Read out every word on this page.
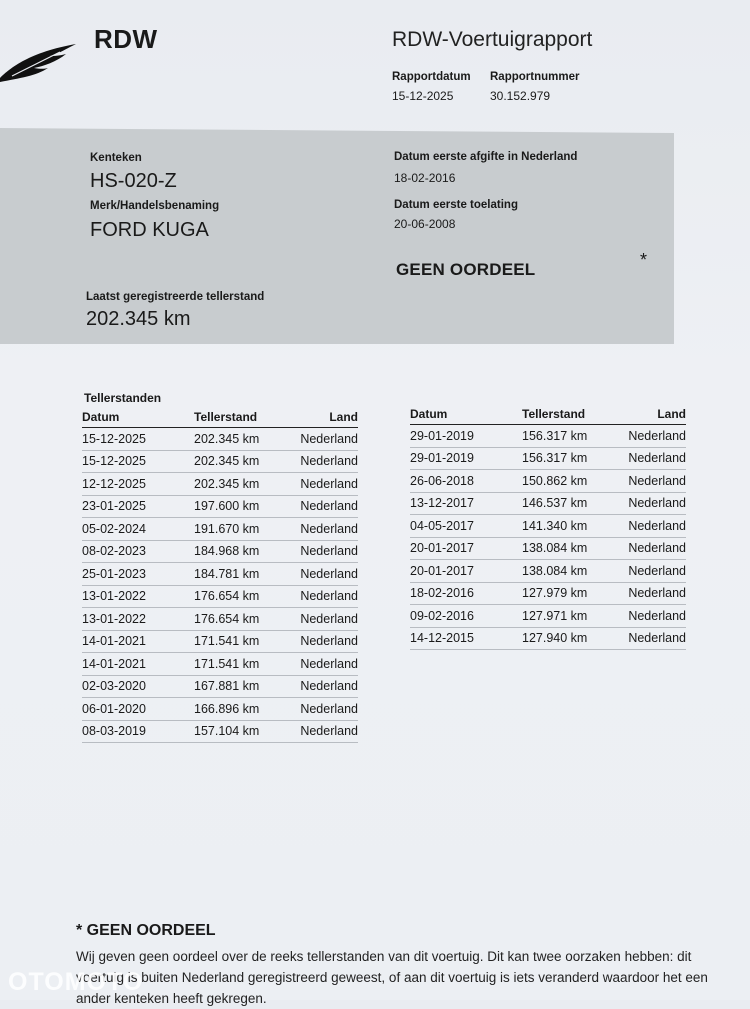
RDW	RDW-Voertuigrapport
Rapportdatum
15-12-2025
Rapportnummer
30.152.979
Kenteken
HS-020-Z
Merk/Handelsbenaming
FORD KUGA
Datum eerste afgifte in Nederland
18-02-2016
Datum eerste toelating
20-06-2008
GEEN OORDEEL	*
Laatst geregistreerde tellerstand
202.345 km
Tellerstanden
Datum	Tellerstand	Land
15-12-2025	202.345 km	Nederland
15-12-2025	202.345 km	Nederland
12-12-2025	202.345 km	Nederland
23-01-2025	197.600 km	Nederland
05-02-2024	191.670 km	Nederland
08-02-2023	184.968 km	Nederland
25-01-2023	184.781 km	Nederland
13-01-2022	176.654 km	Nederland
13-01-2022	176.654 km	Nederland
14-01-2021	171.541 km	Nederland
14-01-2021	171.541 km	Nederland
02-03-2020	167.881 km	Nederland
06-01-2020	166.896 km	Nederland
08-03-2019	157.104 km	Nederland
Datum	Tellerstand	Land
29-01-2019	156.317 km	Nederland
29-01-2019	156.317 km	Nederland
26-06-2018	150.862 km	Nederland
13-12-2017	146.537 km	Nederland
04-05-2017	141.340 km	Nederland
20-01-2017	138.084 km	Nederland
20-01-2017	138.084 km	Nederland
18-02-2016	127.979 km	Nederland
09-02-2016	127.971 km	Nederland
14-12-2015	127.940 km	Nederland
* GEEN OORDEEL
Wij geven geen oordeel over de reeks tellerstanden van dit voertuig. Dit kan twee oorzaken hebben: dit voertuig is buiten Nederland geregistreerd geweest, of aan dit voertuig is iets veranderd waardoor het een ander kenteken heeft gekregen.
OTOMOTO
